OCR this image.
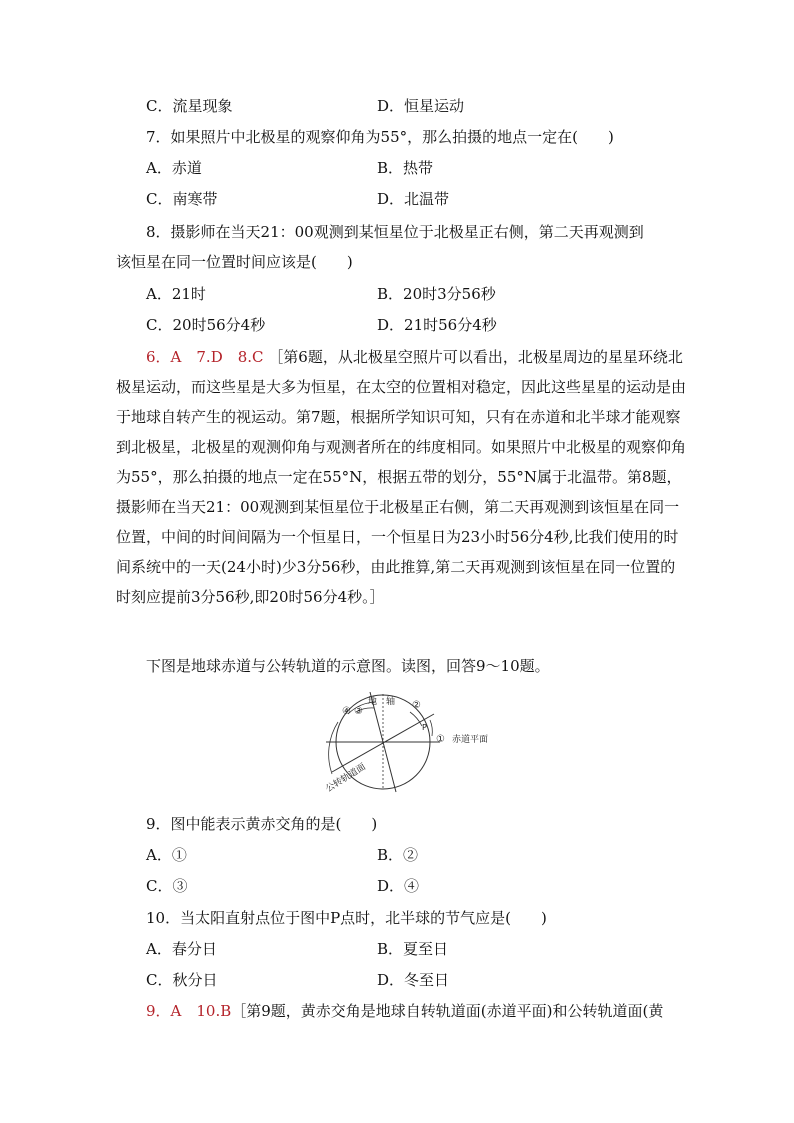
C．流星现象	D．恒星运动
7．如果照片中北极星的观察仰角为55°，那么拍摄的地点一定在(　　)
A．赤道	B．热带
C．南寒带	D．北温带
8．摄影师在当天21：00观测到某恒星位于北极星正右侧，第二天再观测到
该恒星在同一位置时间应该是(　　)
A．21时	B．20时3分56秒
C．20时56分4秒	D．21时56分4秒
6．A　7.D　8.C ［第6题，从北极星空照片可以看出，北极星周边的星星环绕北极星运动，而这些星是大多为恒星，在太空的位置相对稳定，因此这些星星的运动是由于地球自转产生的视运动。第7题，根据所学知识可知，只有在赤道和北半球才能观察到北极星，北极星的观测仰角与观测者所在的纬度相同。如果照片中北极星的观察仰角为55°，那么拍摄的地点一定在55°N，根据五带的划分，55°N属于北温带。第8题，摄影师在当天21：00观测到某恒星位于北极星正右侧，第二天再观测到该恒星在同一位置，中间的时间间隔为一个恒星日，一个恒星日为23小时56分4秒,比我们使用的时间系统中的一天(24小时)少3分56秒，由此推算,第二天再观测到该恒星在同一位置的时刻应提前3分56秒,即20时56分4秒。］
下图是地球赤道与公转轨道的示意图。读图，回答9～10题。
地　轴
P
④ ③
②
① 赤道平面
公转轨道面
9．图中能表示黄赤交角的是(　　)
A．①	B．②
C．③	D．④
10．当太阳直射点位于图中P点时，北半球的节气应是(　　)
A．春分日	B．夏至日
C．秋分日	D．冬至日
9．A　10.B［第9题，黄赤交角是地球自转轨道面(赤道平面)和公转轨道面(黄
